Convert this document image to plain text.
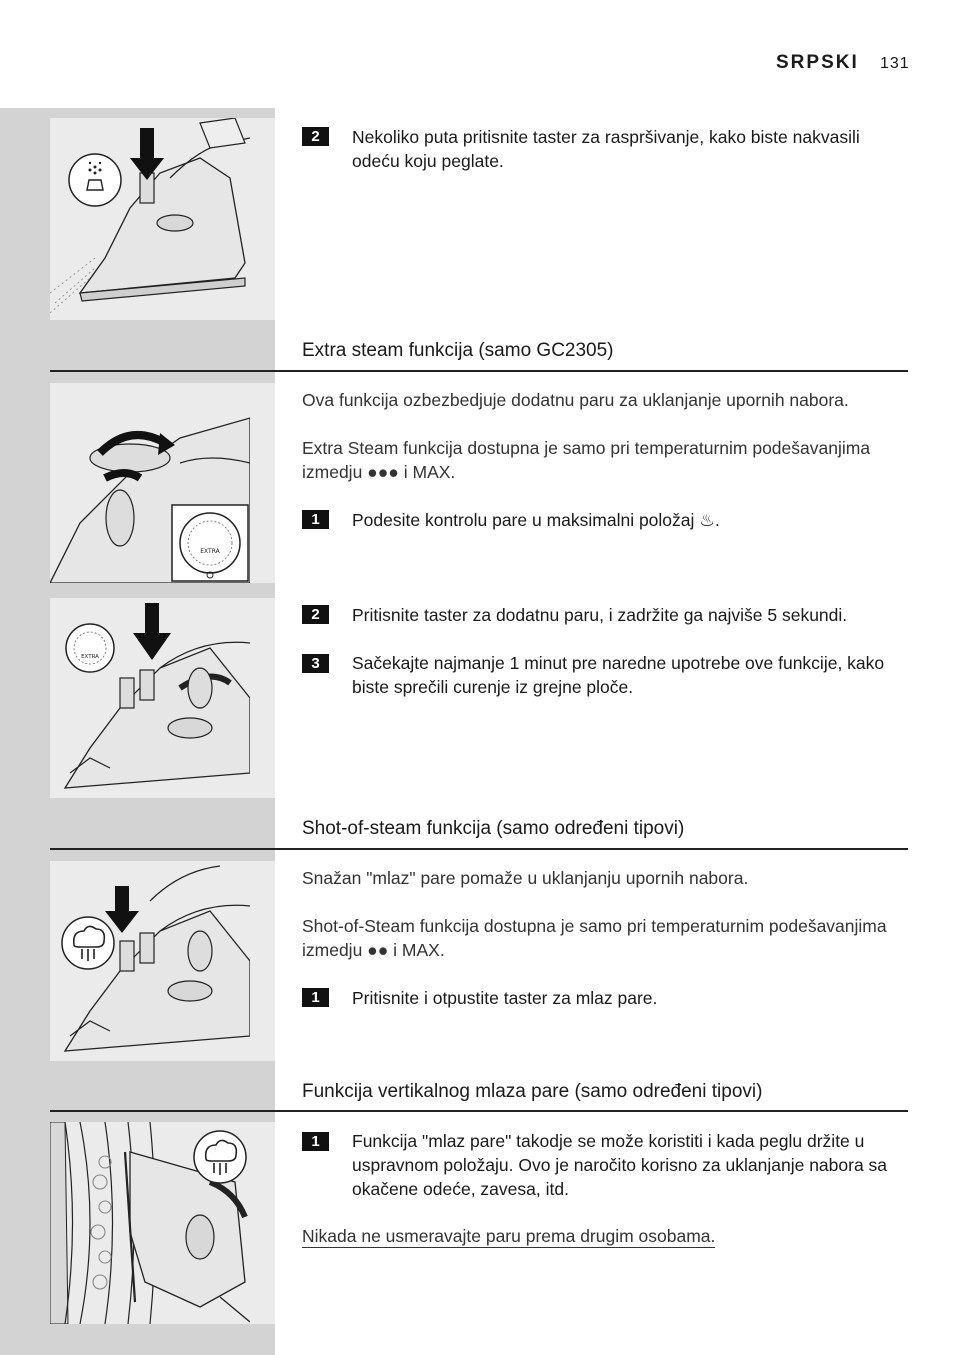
SRPSKI 131
2	Nekoliko puta pritisnite taster za raspršivanje, kako biste nakvasili odeću koju peglate.
Extra steam funkcija (samo GC2305)
EXTRA
Ova funkcija ozbezbedjuje dodatnu paru za uklanjanje upornih nabora.
Extra Steam funkcija dostupna je samo pri temperaturnim podešavanjima izmedju ●●● i MAX.
1	Podesite kontrolu pare u maksimalni položaj ♨.
EXTRA
2	Pritisnite taster za dodatnu paru, i zadržite ga najviše 5 sekundi.
3	Sačekajte najmanje 1 minut pre naredne upotrebe ove funkcije, kako biste sprečili curenje iz grejne ploče.
Shot-of-steam funkcija (samo određeni tipovi)
Snažan "mlaz" pare pomaže u uklanjanju upornih nabora.
Shot-of-Steam funkcija dostupna je samo pri temperaturnim podešavanjima izmedju ●● i MAX.
1	Pritisnite i otpustite taster za mlaz pare.
Funkcija vertikalnog mlaza pare (samo određeni tipovi)
1	Funkcija "mlaz pare" takodje se može koristiti i kada peglu držite u uspravnom položaju. Ovo je naročito korisno za uklanjanje nabora sa okačene odeće, zavesa, itd.
Nikada ne usmeravajte paru prema drugim osobama.
